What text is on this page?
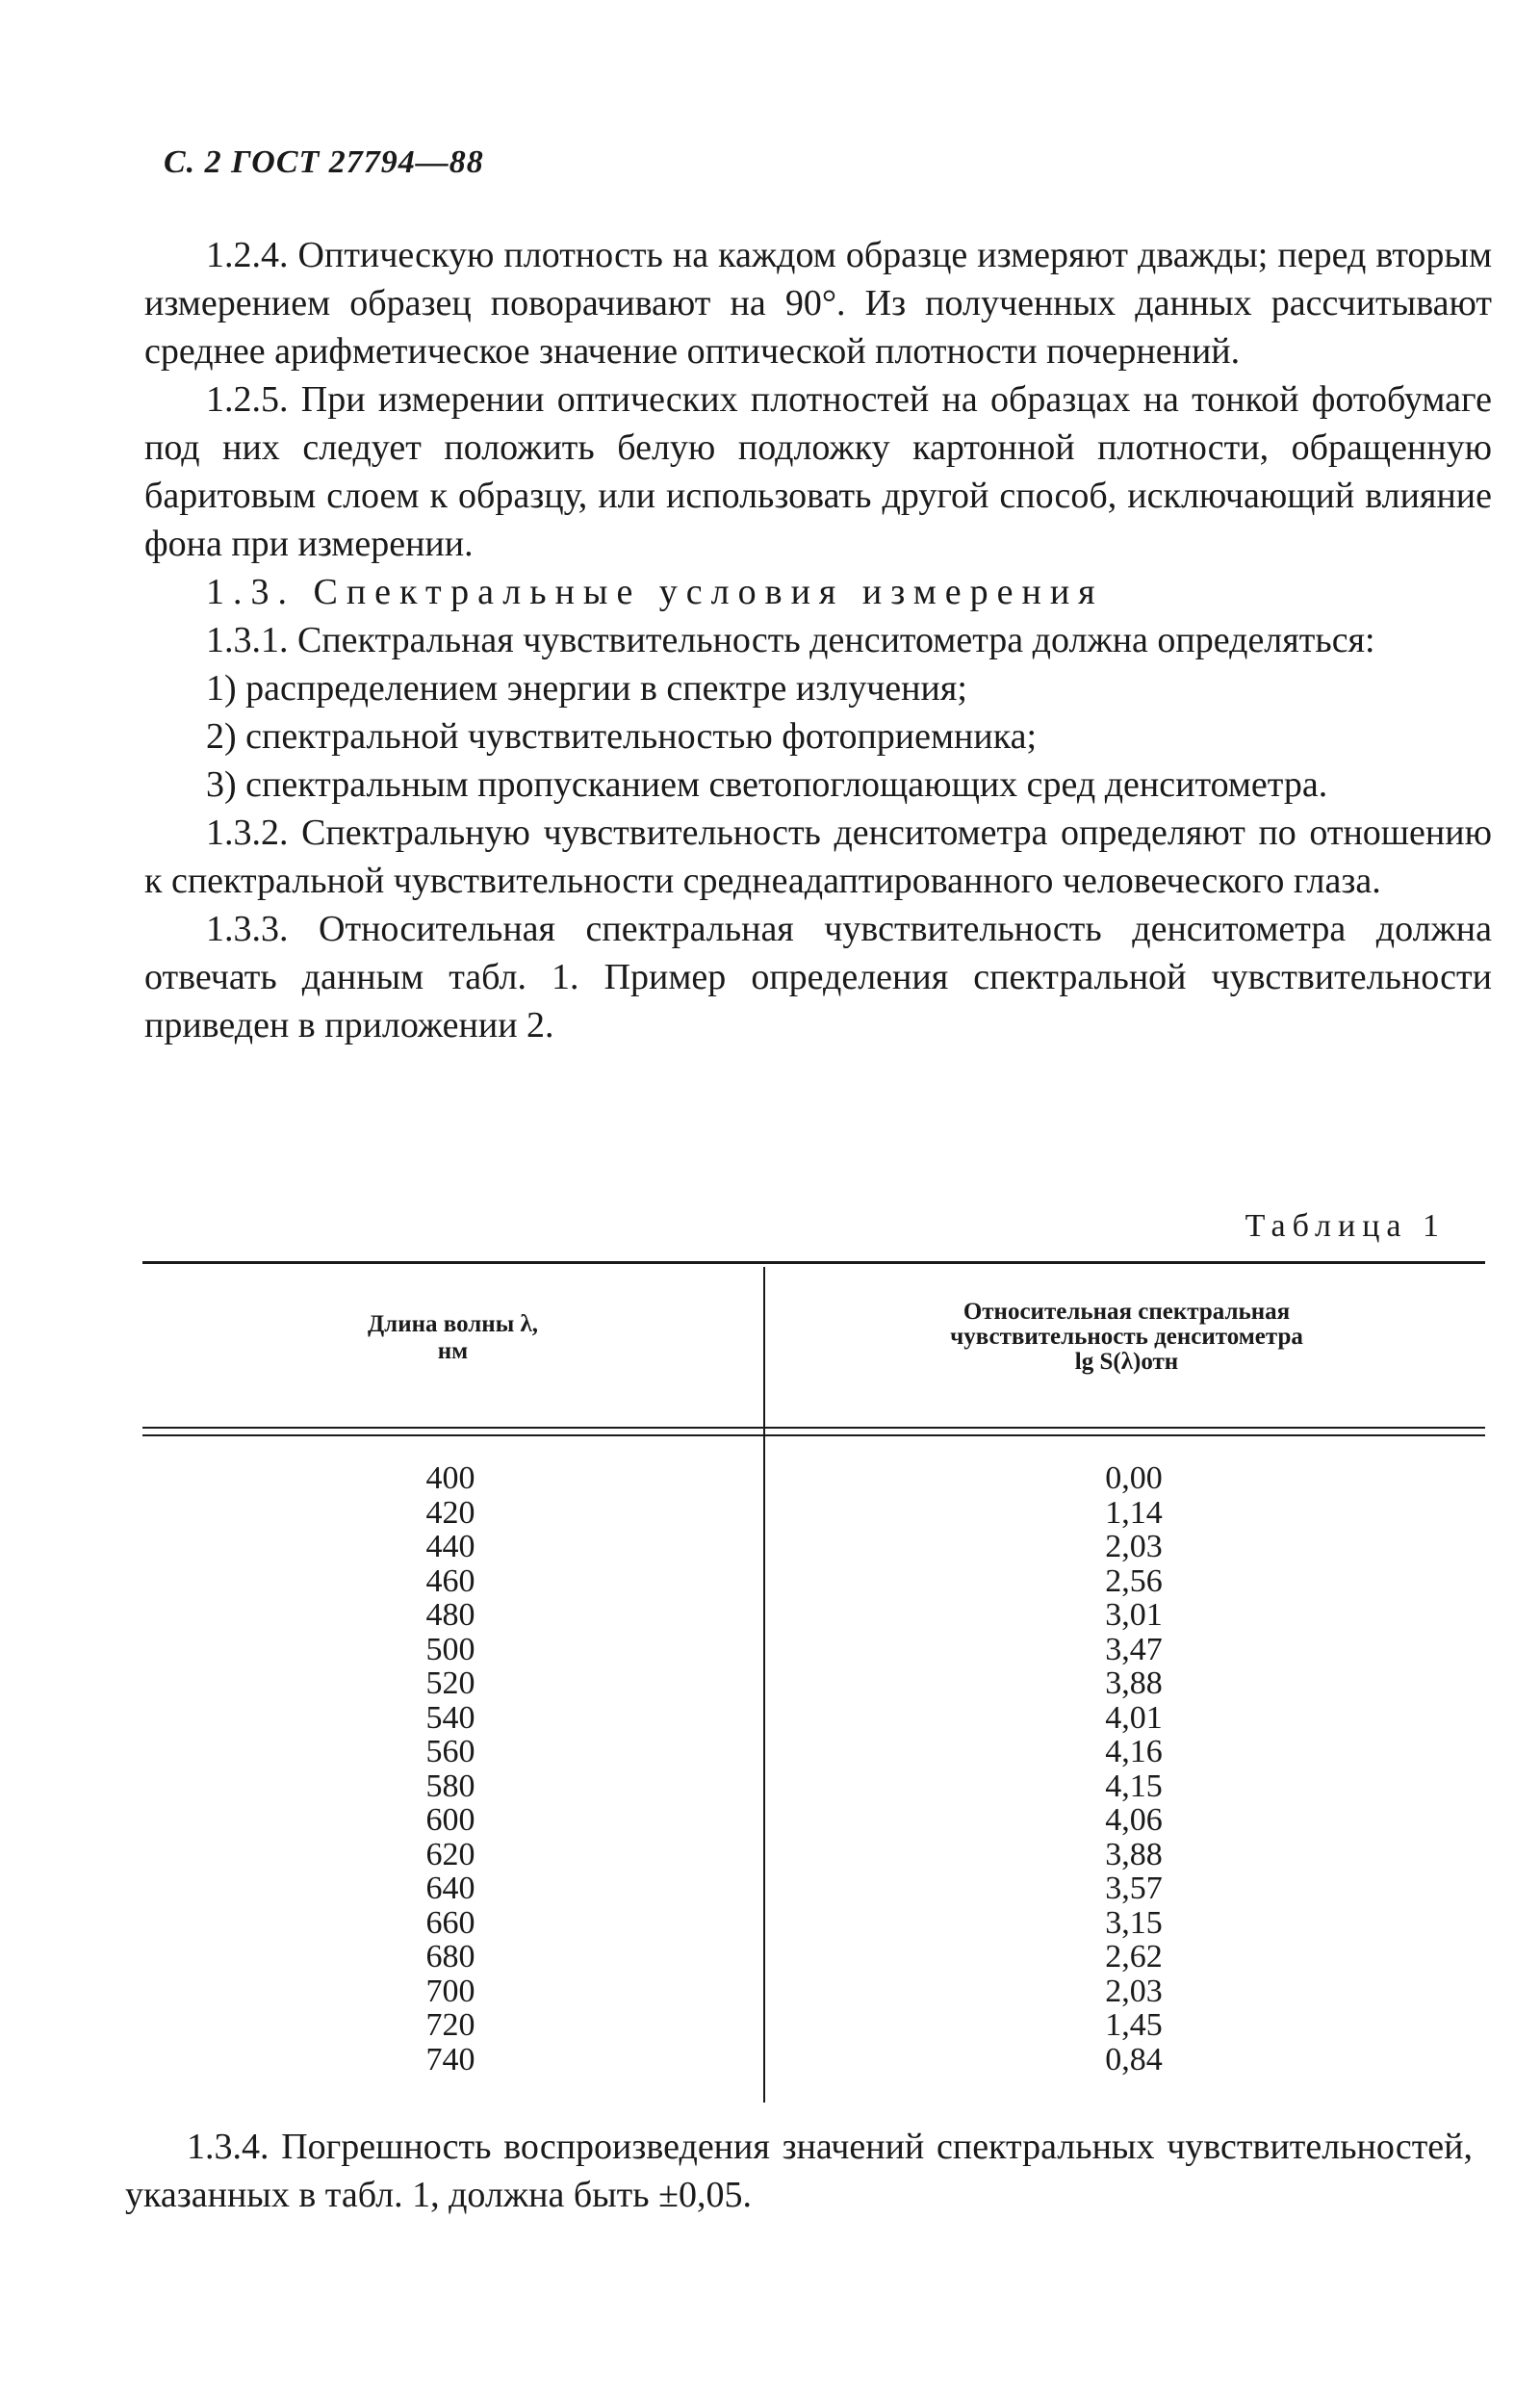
С. 2 ГОСТ 27794—88

1.2.4. Оптическую плотность на каждом образце измеряют дважды; перед вторым измерением образец поворачивают на 90°. Из полученных данных рассчитывают среднее арифметическое значение оптической плотности почернений.

1.2.5. При измерении оптических плотностей на образцах на тонкой фотобумаге под них следует положить белую подложку картонной плотности, обращенную баритовым слоем к образцу, или использовать другой способ, исключающий влияние фона при измерении.

1.3. Спектральные условия измерения

1.3.1. Спектральная чувствительность денситометра должна определяться:

1) распределением энергии в спектре излучения;

2) спектральной чувствительностью фотоприемника;

3) спектральным пропусканием светопоглощающих сред денситометра.

1.3.2. Спектральную чувствительность денситометра определяют по отношению к спектральной чувствительности среднеадаптированного человеческого глаза.

1.3.3. Относительная спектральная чувствительность денситометра должна отвечать данным табл. 1. Пример определения спектральной чувствительности приведен в приложении 2.

Таблица 1
Длина волны λ,
нм
Относительная спектральная
чувствительность денситометра
lg S(λ)отн
400
420
440
460
480
500
520
540
560
580
600
620
640
660
680
700
720
740
0,00
1,14
2,03
2,56
3,01
3,47
3,88
4,01
4,16
4,15
4,06
3,88
3,57
3,15
2,62
2,03
1,45
0,84

1.3.4. Погрешность воспроизведения значений спектральных чувствительностей, указанных в табл. 1, должна быть ±0,05.
